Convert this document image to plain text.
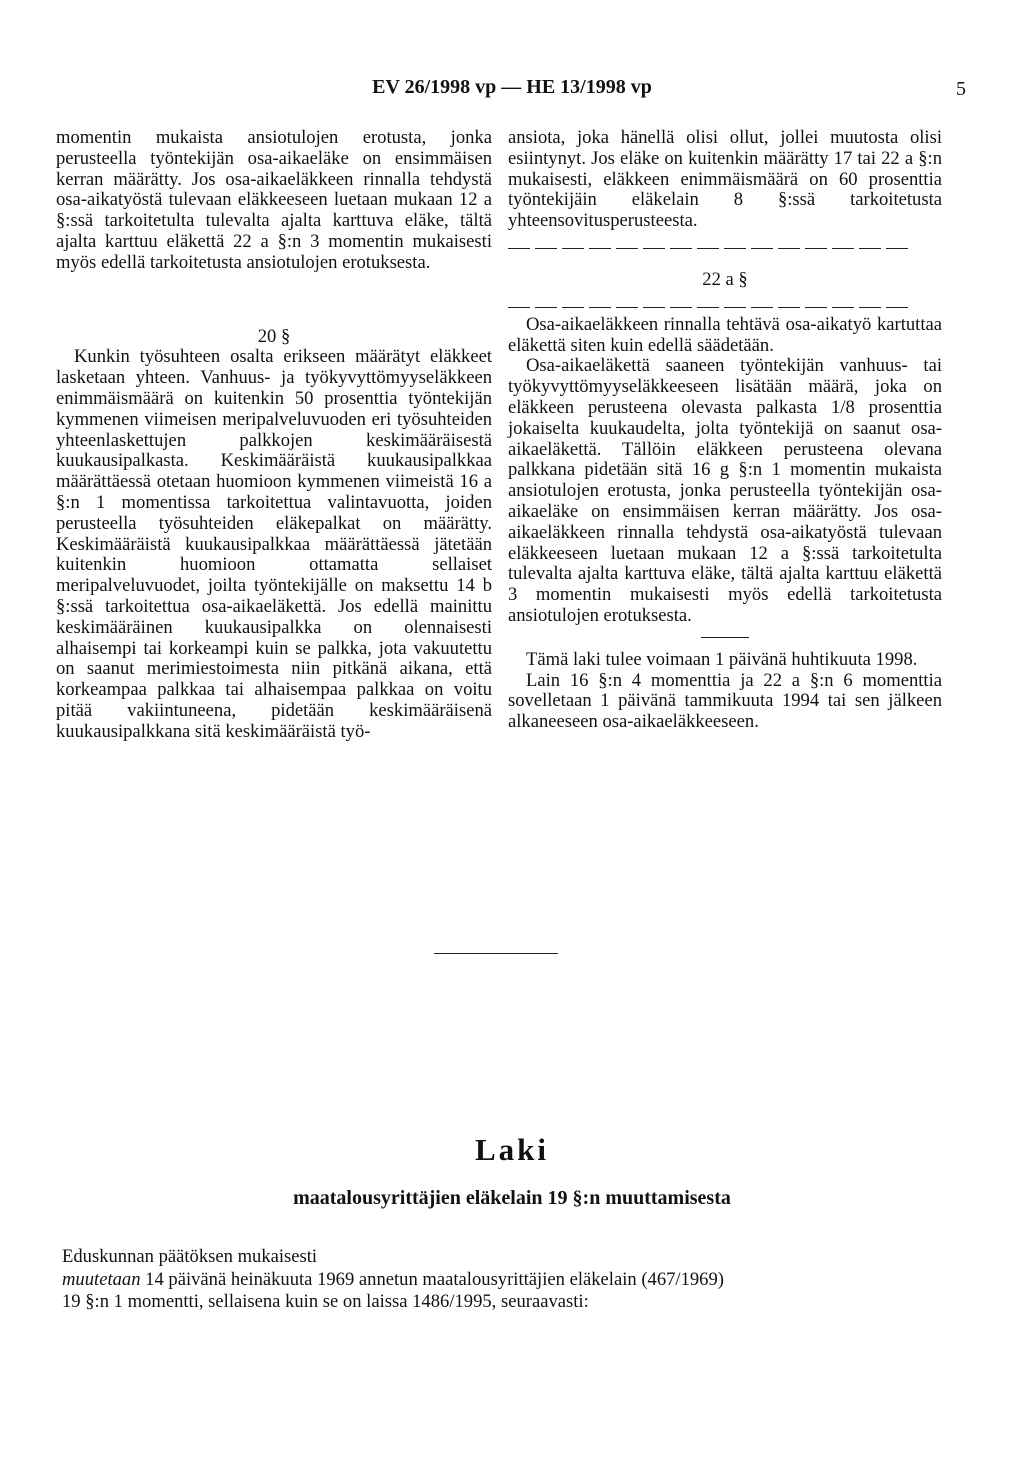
EV 26/1998 vp — HE 13/1998 vp	5

momentin mukaista ansiotulojen erotusta, jonka perusteella työntekijän osa-aikaeläke on ensimmäisen kerran määrätty. Jos osa-aikaeläkkeen rinnalla tehdystä osa-aikatyöstä tulevaan eläkkeeseen luetaan mukaan 12 a §:ssä tarkoitetulta tulevalta ajalta karttuva eläke, tältä ajalta karttuu eläkettä 22 a §:n 3 momentin mukaisesti myös edellä tarkoitetusta ansiotulojen erotuksesta.

20 §

Kunkin työsuhteen osalta erikseen määrätyt eläkkeet lasketaan yhteen. Vanhuus- ja työkyvyttömyyseläkkeen enimmäismäärä on kuitenkin 50 prosenttia työntekijän kymmenen viimeisen meripalveluvuoden eri työsuhteiden yhteenlaskettujen palkkojen keskimääräisestä kuukausipalkasta. Keskimääräistä kuukausipalkkaa määrättäessä otetaan huomioon kymmenen viimeistä 16 a §:n 1 momentissa tarkoitettua valintavuotta, joiden perusteella työsuhteiden eläkepalkat on määrätty. Keskimääräistä kuukausipalkkaa määrättäessä jätetään kuitenkin huomioon ottamatta sellaiset meripalveluvuodet, joilta työntekijälle on maksettu 14 b §:ssä tarkoitettua osa-aikaeläkettä. Jos edellä mainittu keskimääräinen kuukausipalkka on olennaisesti alhaisempi tai korkeampi kuin se palkka, jota vakuutettu on saanut merimiestoimesta niin pitkänä aikana, että korkeampaa palkkaa tai alhaisempaa palkkaa on voitu pitää vakiintuneena, pidetään keskimääräisenä kuukausipalkkana sitä keskimääräistä työ-

ansiota, joka hänellä olisi ollut, jollei muutosta olisi esiintynyt. Jos eläke on kuitenkin määrätty 17 tai 22 a §:n mukaisesti, eläkkeen enimmäismäärä on 60 prosenttia työntekijäin eläkelain 8 §:ssä tarkoitetusta yhteensovitusperusteesta.

22 a §

Osa-aikaeläkkeen rinnalla tehtävä osa-aikatyö kartuttaa eläkettä siten kuin edellä säädetään.

Osa-aikaeläkettä saaneen työntekijän vanhuus- tai työkyvyttömyyseläkkeeseen lisätään määrä, joka on eläkkeen perusteena olevasta palkasta 1/8 prosenttia jokaiselta kuukaudelta, jolta työntekijä on saanut osa-aikaeläkettä. Tällöin eläkkeen perusteena olevana palkkana pidetään sitä 16 g §:n 1 momentin mukaista ansiotulojen erotusta, jonka perusteella työntekijän osa-aikaeläke on ensimmäisen kerran määrätty. Jos osa-aikaeläkkeen rinnalla tehdystä osa-aikatyöstä tulevaan eläkkeeseen luetaan mukaan 12 a §:ssä tarkoitetulta tulevalta ajalta karttuva eläke, tältä ajalta karttuu eläkettä 3 momentin mukaisesti myös edellä tarkoitetusta ansiotulojen erotuksesta.

Tämä laki tulee voimaan 1 päivänä huhtikuuta 1998.

Lain 16 §:n 4 momenttia ja 22 a §:n 6 momenttia sovelletaan 1 päivänä tammikuuta 1994 tai sen jälkeen alkaneeseen osa-aikaeläkkeeseen.

Laki
maatalousyrittäjien eläkelain 19 §:n muuttamisesta

Eduskunnan päätöksen mukaisesti

muutetaan 14 päivänä heinäkuuta 1969 annetun maatalousyrittäjien eläkelain (467/1969)

19 §:n 1 momentti, sellaisena kuin se on laissa 1486/1995, seuraavasti:
